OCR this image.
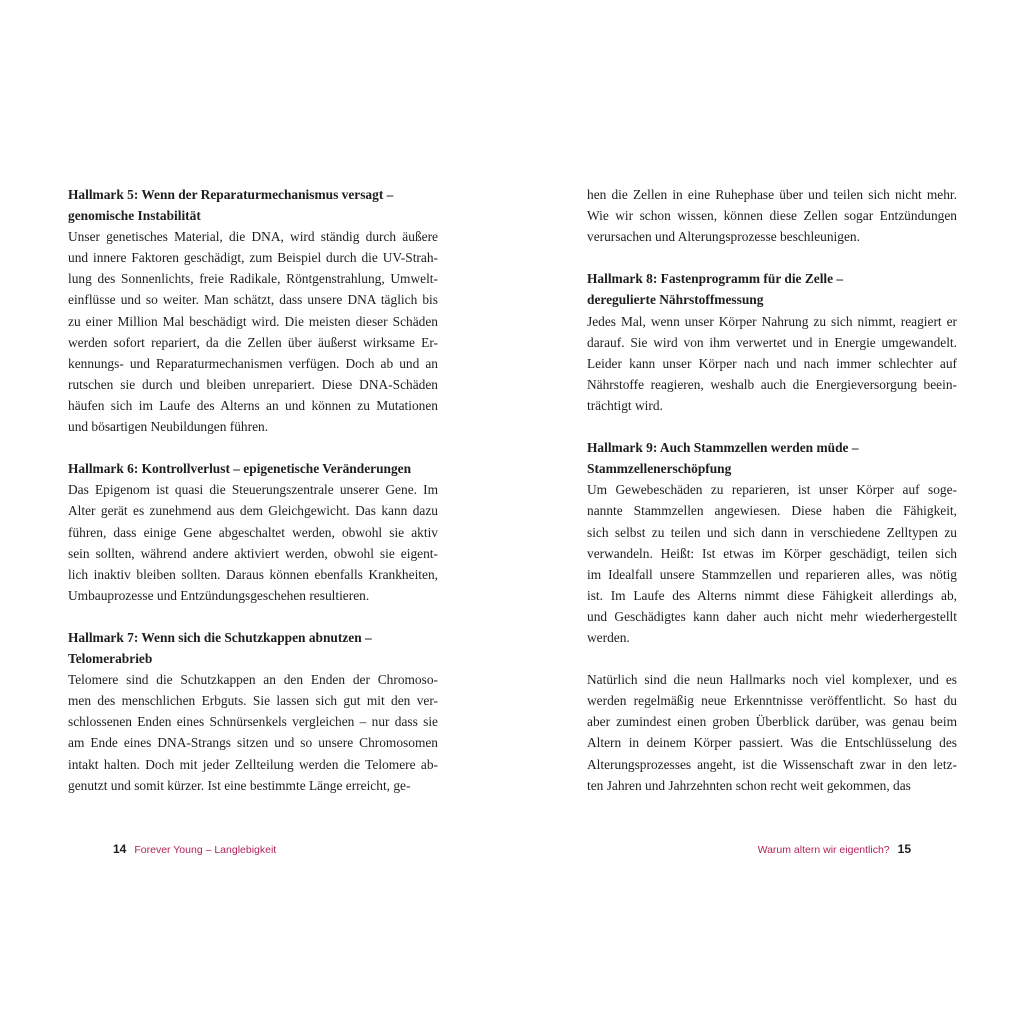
Hallmark 5: Wenn der Reparaturmechanismus versagt –
genomische Instabilität
Unser genetisches Material, die DNA, wird ständig durch äußere
und innere Faktoren geschädigt, zum Beispiel durch die UV-Strah-
lung des Sonnenlichts, freie Radikale, Röntgenstrahlung, Umwelt-
einflüsse und so weiter. Man schätzt, dass unsere DNA täglich bis
zu einer Million Mal beschädigt wird. Die meisten dieser Schäden
werden sofort repariert, da die Zellen über äußerst wirksame Er-
kennungs- und Reparaturmechanismen verfügen. Doch ab und an
rutschen sie durch und bleiben unrepariert. Diese DNA-Schäden
häufen sich im Laufe des Alterns an und können zu Mutationen
und bösartigen Neubildungen führen.
Hallmark 6: Kontrollverlust – epigenetische Veränderungen
Das Epigenom ist quasi die Steuerungszentrale unserer Gene. Im
Alter gerät es zunehmend aus dem Gleichgewicht. Das kann dazu
führen, dass einige Gene abgeschaltet werden, obwohl sie aktiv
sein sollten, während andere aktiviert werden, obwohl sie eigent-
lich inaktiv bleiben sollten. Daraus können ebenfalls Krankheiten,
Umbauprozesse und Entzündungsgeschehen resultieren.
Hallmark 7: Wenn sich die Schutzkappen abnutzen –
Telomerabrieb
Telomere sind die Schutzkappen an den Enden der Chromoso-
men des menschlichen Erbguts. Sie lassen sich gut mit den ver-
schlossenen Enden eines Schnürsenkels vergleichen – nur dass sie
am Ende eines DNA-Strangs sitzen und so unsere Chromosomen
intakt halten. Doch mit jeder Zellteilung werden die Telomere ab-
genutzt und somit kürzer. Ist eine bestimmte Länge erreicht, ge-
hen die Zellen in eine Ruhephase über und teilen sich nicht mehr.
Wie wir schon wissen, können diese Zellen sogar Entzündungen
verursachen und Alterungsprozesse beschleunigen.
Hallmark 8: Fastenprogramm für die Zelle –
deregulierte Nährstoffmessung
Jedes Mal, wenn unser Körper Nahrung zu sich nimmt, reagiert er
darauf. Sie wird von ihm verwertet und in Energie umgewandelt.
Leider kann unser Körper nach und nach immer schlechter auf
Nährstoffe reagieren, weshalb auch die Energieversorgung beein-
trächtigt wird.
Hallmark 9: Auch Stammzellen werden müde –
Stammzellenerschöpfung
Um Gewebeschäden zu reparieren, ist unser Körper auf soge-
nannte Stammzellen angewiesen. Diese haben die Fähigkeit,
sich selbst zu teilen und sich dann in verschiedene Zelltypen zu
verwandeln. Heißt: Ist etwas im Körper geschädigt, teilen sich
im Idealfall unsere Stammzellen und reparieren alles, was nötig
ist. Im Laufe des Alterns nimmt diese Fähigkeit allerdings ab,
und Geschädigtes kann daher auch nicht mehr wiederhergestellt
werden.
Natürlich sind die neun Hallmarks noch viel komplexer, und es
werden regelmäßig neue Erkenntnisse veröffentlicht. So hast du
aber zumindest einen groben Überblick darüber, was genau beim
Altern in deinem Körper passiert. Was die Entschlüsselung des
Alterungsprozesses angeht, ist die Wissenschaft zwar in den letz-
ten Jahren und Jahrzehnten schon recht weit gekommen, das
14 Forever Young – Langlebigkeit	Warum altern wir eigentlich? 15
